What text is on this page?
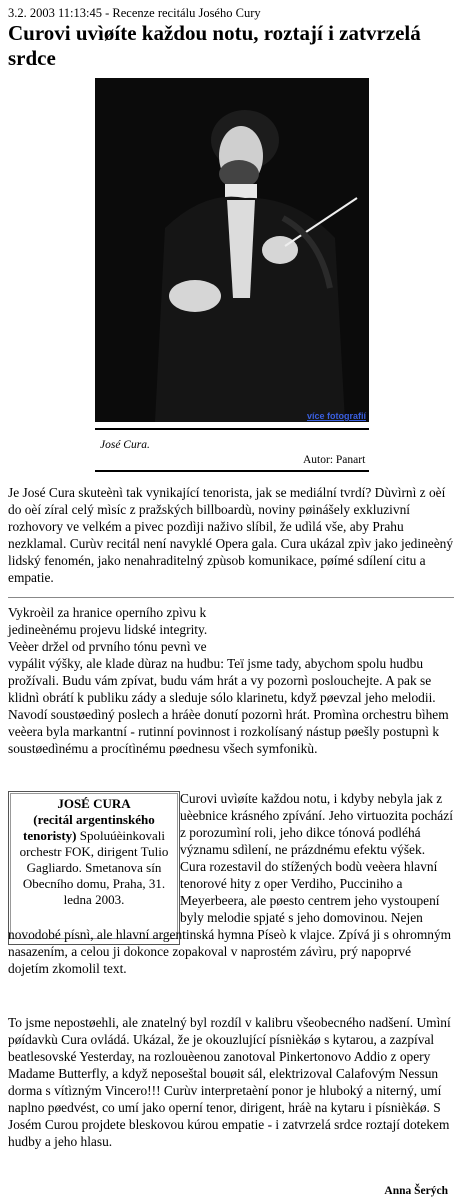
3.2. 2003 11:13:45 - Recenze recitálu Josého Cury
Curovi uvìøíte každou notu, roztají i zatvrzelá srdce
více fotografií
José Cura.
Autor: Panart

Je José Cura skuteènì tak vynikající tenorista, jak se mediální tvrdí? Dùvìrnì z oèí do oèí zíral celý mìsíc z pražských billboardù, noviny pøinášely exkluzivní rozhovory ve velkém a pivec pozdìji naživo slíbil, že udìlá vše, aby Prahu nezklamal. Curùv recitál není navyklé Opera gala. Cura ukázal zpìv jako jedineèný lidský fenomén, jako nenahraditelný zpùsob komunikace, pøímé sdílení citu a empatie.

Vykroèil za hranice operního zpìvu k
jedineènému projevu lidské integrity.
Veèer držel od prvního tónu pevnì ve
vypálit výšky, ale klade dùraz na hudbu: Teï jsme tady, abychom spolu hudbu prožívali. Budu vám zpívat, budu vám hrát a vy pozornì posloucheјte. A pak se klidnì obrátí k publiku zády a sleduje sólo klarinetu, když pøevzal jeho melodii. Navodí soustøedìný poslech a hráèe donutí pozornì hrát. Promìna orchestru bìhem veèera byla markantní - rutinní povinnost i rozkolísaný nástup pøešly postupnì k soustøedìnému a procítìnému pøednesu všech symfonikù.

JOSÉ CURA
(recitál argentinského tenoristy) Spoluúèinkovali orchestr FOK, dirigent Tulio Gagliardo. Smetanova sín Obecního domu, Praha, 31. ledna 2003.

Curovi uvìøíte každou notu, i kdyby nebyla jak z uèebnice krásného zpívání. Jeho virtuozita pochází z porozumìní roli, jeho dikce tónová podléhá významu sdìlení, ne prázdnému efektu výšek. Cura rozestavil do stížených bodù veèera hlavní tenorové hity z oper Verdiho, Pucciniho a Meyerbeera, ale pøesto centrem jeho vystoupení byly melodie spjaté s jeho domovinou. Nejen
novodobé písnì, ale hlavní argentinská hymna Píseò k vlajce. Zpívá ji s ohromným nasazením, a celou ji dokonce zopakoval v naprostém závìru, prý napoprvé dojetím zkomolil text.

To jsme nepostøehli, ale znatelný byl rozdíl v kalibru všeobecného nadšení. Umìní pøídavkù Cura ovládá. Ukázal, že je okouzlující písnièkáø s kytarou, a zazpíval beatlesovské Yesterday, na rozlouèenou zanotoval Pinkertonovo Addio z opery Madame Butterfly, a když neposeštal bouøit sál, elektrizoval Calafovým Nessun dorma s vítìzným Vincero!!! Curùv interpretaèní ponor je hluboký a niterný, umí naplno pøedvést, co umí jako operní tenor, dirigent, hráè na kytaru i písnièkáø. S Josém Curou projdete bleskovou kúrou empatie - i zatvrzelá srdce roztají dotekem hudby a jeho hlasu.

Anna Šerých
